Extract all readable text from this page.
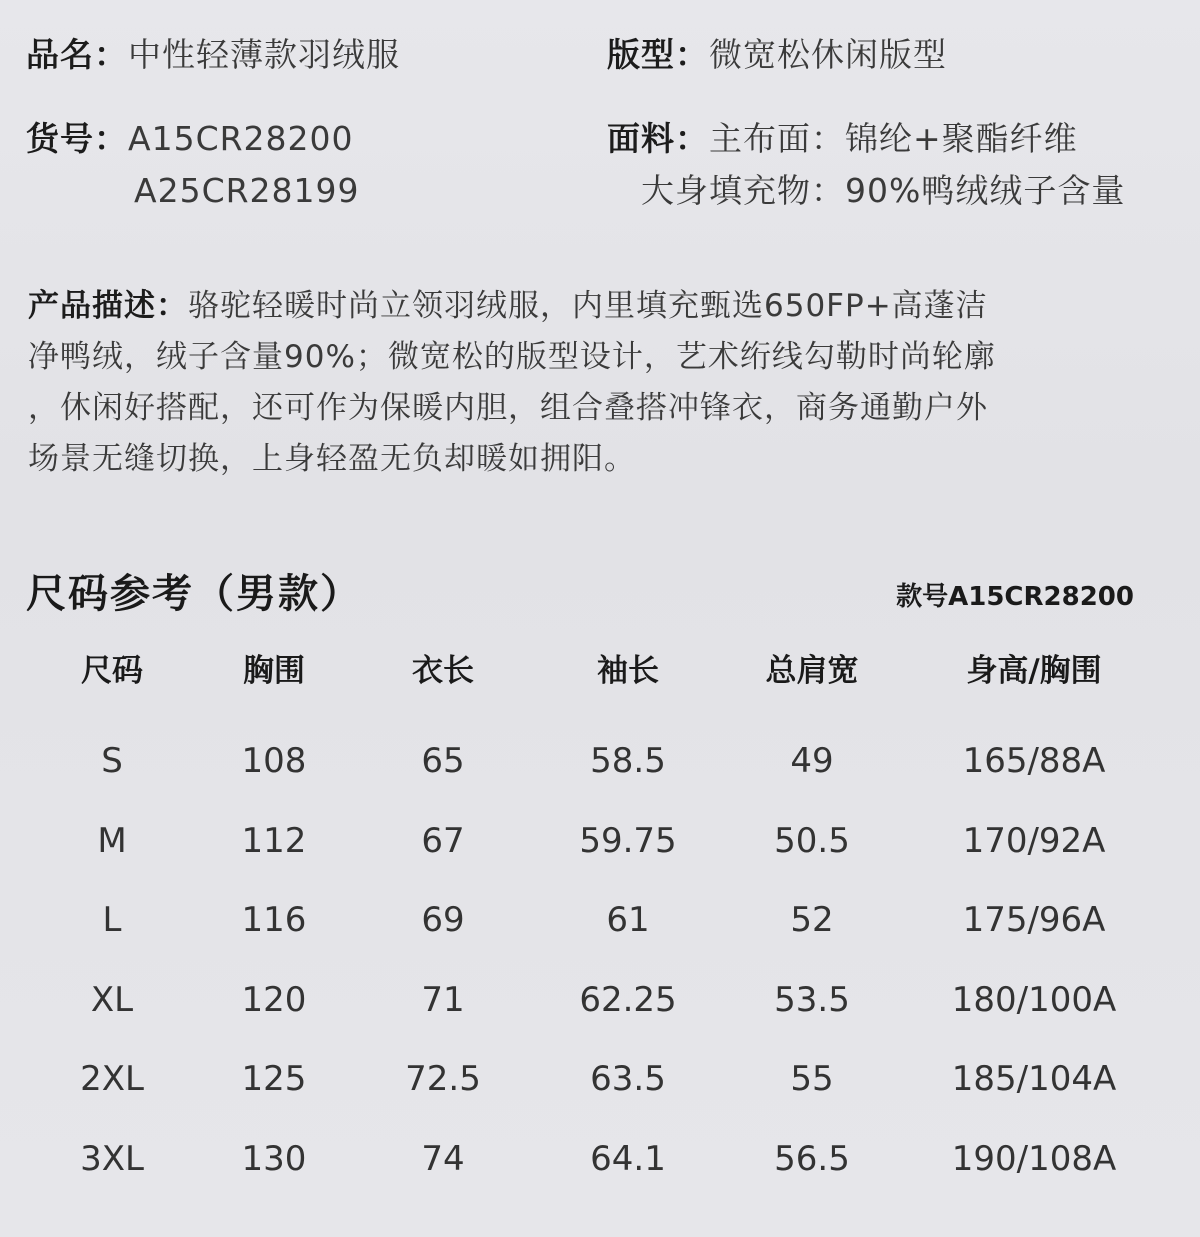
品名：中性轻薄款羽绒服	版型：微宽松休闲版型
货号：A15CR28200
A25CR28199
面料：主布面：锦纶+聚酯纤维
大身填充物：90%鸭绒绒子含量
产品描述：骆驼轻暖时尚立领羽绒服，内里填充甄选650FP+高蓬洁
净鸭绒，绒子含量90%；微宽松的版型设计，艺术绗线勾勒时尚轮廓
，休闲好搭配，还可作为保暖内胆，组合叠搭冲锋衣，商务通勤户外
场景无缝切换，上身轻盈无负却暖如拥阳。
尺码参考（男款）	款号A15CR28200
尺码	胸围	衣长	袖长	总肩宽	身高/胸围
S	108	65	58.5	49	165/88A
M	112	67	59.75	50.5	170/92A
L	116	69	61	52	175/96A
XL	120	71	62.25	53.5	180/100A
2XL	125	72.5	63.5	55	185/104A
3XL	130	74	64.1	56.5	190/108A
